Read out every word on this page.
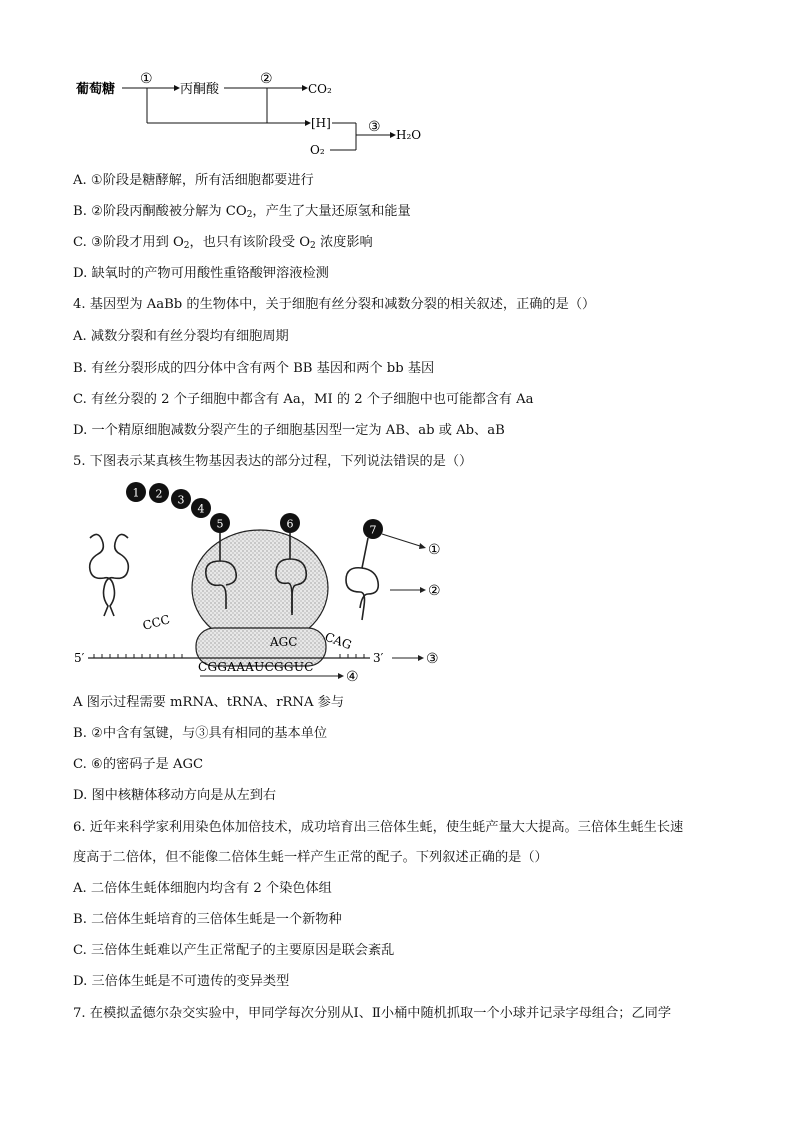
葡萄糖
①
丙酮酸
②
CO₂
[H]
O₂
③ H₂O
A. ①阶段是糖酵解，所有活细胞都要进行
B. ②阶段丙酮酸被分解为 $CO_2$，产生了大量还原氢和能量
C. ③阶段才用到 $O_2$，也只有该阶段受 $O_2$ 浓度影响
D. 缺氧时的产物可用酸性重铬酸钾溶液检测
4. 基因型为 AaBb 的生物体中，关于细胞有丝分裂和减数分裂的相关叙述，正确的是（）
A. 减数分裂和有丝分裂均有细胞周期
B. 有丝分裂形成的四分体中含有两个 BB 基因和两个 bb 基因
C. 有丝分裂的 2 个子细胞中都含有 Aa，MI 的 2 个子细胞中也可能都含有 Aa
D. 一个精原细胞减数分裂产生的子细胞基因型一定为 AB、ab 或 Ab、aB
5. 下图表示某真核生物基因表达的部分过程，下列说法错误的是（）
1 2 3
4
5	6	7
CCC
AGC CAG
①
②
5′	3′
CGGAAAUCGGUC	③
④
A 图示过程需要 mRNA、tRNA、rRNA 参与
B. ②中含有氢键，与③具有相同的基本单位
C. ⑥的密码子是 AGC
D. 图中核糖体移动方向是从左到右
6. 近年来科学家利用染色体加倍技术，成功培育出三倍体生蚝，使生蚝产量大大提高。三倍体生蚝生长速
度高于二倍体，但不能像二倍体生蚝一样产生正常的配子。下列叙述正确的是（）
A. 二倍体生蚝体细胞内均含有 2 个染色体组
B. 二倍体生蚝培育的三倍体生蚝是一个新物种
C. 三倍体生蚝难以产生正常配子的主要原因是联会紊乱
D. 三倍体生蚝是不可遗传的变异类型
7. 在模拟孟德尔杂交实验中，甲同学每次分别从Ⅰ、Ⅱ小桶中随机抓取一个小球并记录字母组合；乙同学
